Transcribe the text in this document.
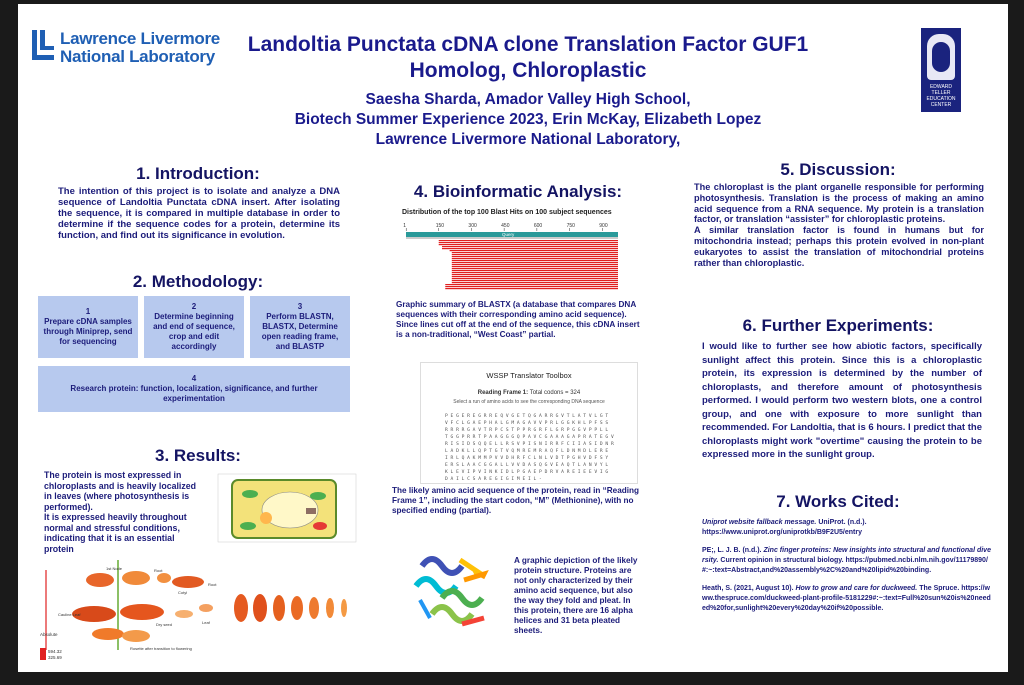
Lawrence Livermore
National Laboratory
Landoltia Punctata cDNA clone Translation Factor GUF1
Homolog, Chloroplastic
Saesha Sharda, Amador Valley High School,
Biotech Summer Experience 2023, Erin McKay, Elizabeth Lopez
Lawrence Livermore National Laboratory,
EDWARD TELLER EDUCATION CENTER
1. Introduction:
The intention of this project is to isolate and analyze a DNA sequence of Landoltia Punctata cDNA insert. After isolating the sequence, it is compared in multiple database in order to determine if the sequence codes for a protein, determine its function, and find out its significance in evolution.
2. Methodology:
1
Prepare cDNA samples through Miniprep, send for sequencing
2
Determine beginning and end of sequence, crop and edit accordingly
3
Perform BLASTN, BLASTX, Determine open reading frame, and BLASTP
4
Research protein: function, localization, significance, and further experimentation
3. Results:
The protein is most expressed in chloroplasts and is heavily localized in leaves (where photosynthesis is performed).
It is expressed heavily throughout normal and stressful conditions, indicating that it is an essential protein
Absolute
594.32
325.69
Cauline Leaf
1st Node	Root
Dry seed
Cotyl
Rosette after transition to flowering
Leaf
Root
4. Bioinformatic Analysis:
Distribution of the top 100 Blast Hits on 100 subject sequences
Query
1	150	300	450	600	750	900
Graphic summary of BLASTX (a database that compares DNA sequences with their corresponding amino acid sequence). Since lines cut off at the end of the sequence, this cDNA insert is a non-traditional, “West Coast” partial.
WSSP Translator Toolbox
Reading Frame 1: Total codons = 324
Select a run of amino acids to see the corresponding DNA sequence
P E G E R E G R R E Q V G E T Q G A R R G V T L A T V L G T
V F C L G A E P H A L G M A G A V V P R L G G K H L P F S S
R R R R G A V T R P C S T P P R G R F L G R P G G V P P L L
T G G P R R T P A A G G G Q P A V C G A A A G A P R A T E G V
R I S I D S Q Q E L L R S V P I S N I R R F C I I A S I D N R
L A D K L L Q P T G T V Q M R E M R A Q F L D N M D L E R E
I R L Q A K M M P V V D H R F C L N L V D T P G H V D F S Y
E R S L A A C G G A L L V V D A S Q G V E A Q T L A N V Y L
K L E V I P V I N K I D L P G A E P D R V A R E I E E V I G
D A I L C S A R E G I G I M E I L -
The likely amino acid sequence of the protein, read in “Reading Frame 1”, including the start codon, “M” (Methionine), with no specified ending (partial).
A graphic depiction of the likely protein structure. Proteins are not only characterized by their amino acid sequence, but also the way they fold and pleat. In this protein, there are 16 alpha helices and 31 beta pleated sheets.
5. Discussion:
The chloroplast is the plant organelle responsible for performing photosynthesis. Translation is the process of making an amino acid sequence from a RNA sequence. My protein is a translation factor, or translation “assister” for chloroplastic proteins.
A similar translation factor is found in humans but for mitochondria instead; perhaps this protein evolved in non-plant eukaryotes to assist the translation of mitochondrial proteins rather than chloroplastic.
6. Further Experiments:
I would like to further see how abiotic factors, specifically sunlight affect this protein. Since this is a chloroplastic protein, its expression is determined by the number of chloroplasts, and therefore amount of photosynthesis performed. I would perform two western blots, one a control group, and one with exposure to more sunlight than recommended. For Landoltia, that is 6 hours. I predict that the chloroplasts might work "overtime" causing the protein to be expressed more in the sunlight group.
7. Works Cited:
Uniprot website fallback message. UniProt. (n.d.).
https://www.uniprot.org/uniprotkb/B9F2U5/entry
PE;, L. J. B. (n.d.). Zinc finger proteins: New insights into structural and functional diversity. Current opinion in structural biology. https://pubmed.ncbi.nlm.nih.gov/11179890/#:~:text=Abstract,and%20assembly%2C%20and%20lipid%20binding.
Heath, S. (2021, August 10). How to grow and care for duckweed. The Spruce. https://www.thespruce.com/duckweed-plant-profile-5181229#:~:text=Full%20sun%20is%20needed%20for,sunlight%20every%20day%20if%20possible.
